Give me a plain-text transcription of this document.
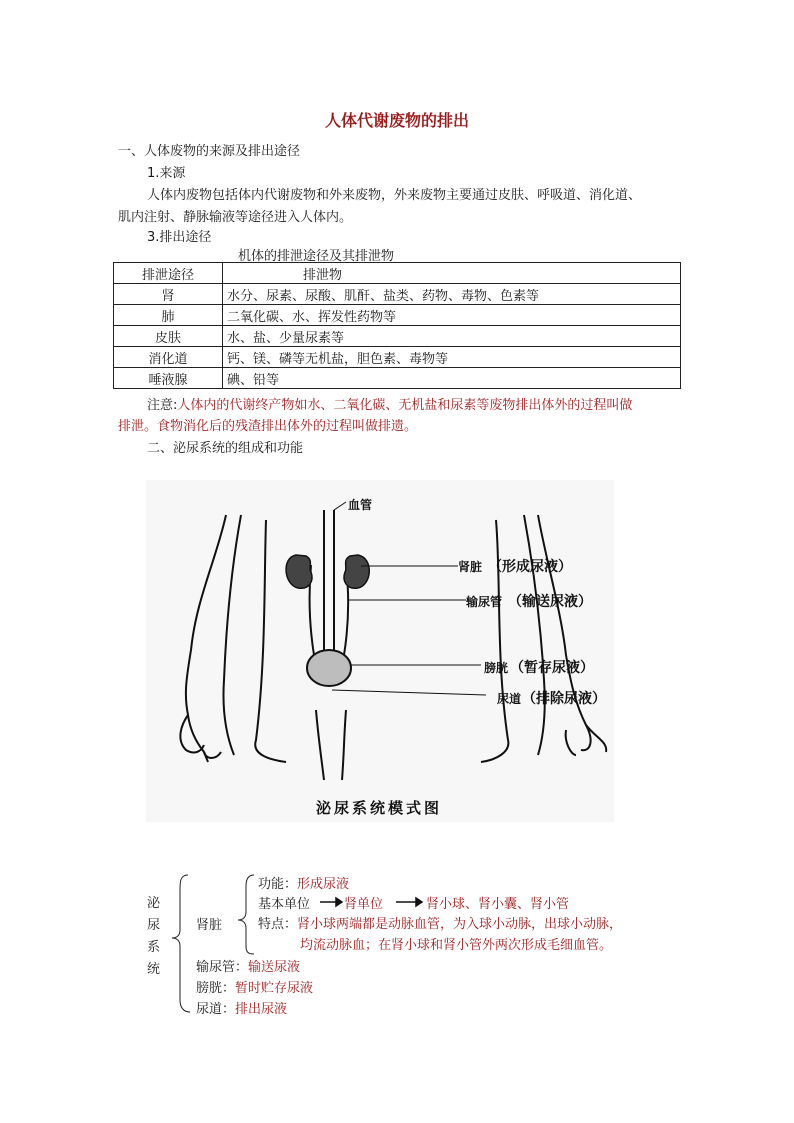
人体代谢废物的排出
一、人体废物的来源及排出途径
1.来源
人体内废物包括体内代谢废物和外来废物，外来废物主要通过皮肤、呼吸道、消化道、
肌内注射、静脉输液等途径进入人体内。
3.排出途径
机体的排泄途径及其排泄物
排泄途径	排泄物
肾	水分、尿素、尿酸、肌酐、盐类、药物、毒物、色素等
肺	二氧化碳、水、挥发性药物等
皮肤	水、盐、少量尿素等
消化道	钙、镁、磷等无机盐，胆色素、毒物等
唾液腺	碘、铅等
注意:人体内的代谢终产物如水、二氧化碳、无机盐和尿素等废物排出体外的过程叫做
排泄。食物消化后的残渣排出体外的过程叫做排遗。
二、泌尿系统的组成和功能
血管
肾脏 （形成尿液）
输尿管 （输送尿液）
膀胱 （暂存尿液）
尿道 （排除尿液）
泌尿系统模式图
泌
尿
系
统
肾脏
功能：形成尿液
基本单位	肾单位	肾小球、肾小囊、肾小管
特点：肾小球两端都是动脉血管，为入球小动脉，出球小动脉，
均流动脉血；在肾小球和肾小管外两次形成毛细血管。
输尿管：输送尿液
膀胱：暂时贮存尿液
尿道：排出尿液
